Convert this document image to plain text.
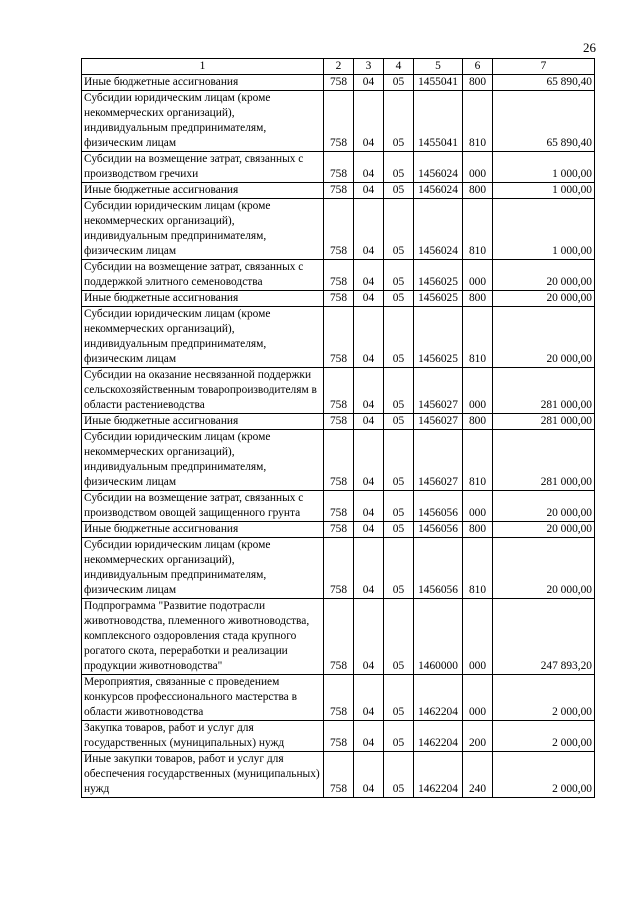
26
1	2	3	4	5	6	7
Иные бюджетные ассигнования	758	04	05	1455041	800	65 890,40
Субсидии юридическим лицам (кроме некоммерческих организаций), индивидуальным предпринимателям, физическим лицам	758	04	05	1455041	810	65 890,40
Субсидии на возмещение затрат, связанных с производством гречихи	758	04	05	1456024	000	1 000,00
Иные бюджетные ассигнования	758	04	05	1456024	800	1 000,00
Субсидии юридическим лицам (кроме некоммерческих организаций), индивидуальным предпринимателям, физическим лицам	758	04	05	1456024	810	1 000,00
Субсидии на возмещение затрат, связанных с поддержкой элитного семеноводства	758	04	05	1456025	000	20 000,00
Иные бюджетные ассигнования	758	04	05	1456025	800	20 000,00
Субсидии юридическим лицам (кроме некоммерческих организаций), индивидуальным предпринимателям, физическим лицам	758	04	05	1456025	810	20 000,00
Субсидии на оказание несвязанной поддержки сельскохозяйственным товаропроизводителям в области растениеводства	758	04	05	1456027	000	281 000,00
Иные бюджетные ассигнования	758	04	05	1456027	800	281 000,00
Субсидии юридическим лицам (кроме некоммерческих организаций), индивидуальным предпринимателям, физическим лицам	758	04	05	1456027	810	281 000,00
Субсидии на возмещение затрат, связанных с производством овощей защищенного грунта	758	04	05	1456056	000	20 000,00
Иные бюджетные ассигнования	758	04	05	1456056	800	20 000,00
Субсидии юридическим лицам (кроме некоммерческих организаций), индивидуальным предпринимателям, физическим лицам	758	04	05	1456056	810	20 000,00
Подпрограмма "Развитие подотрасли животноводства, племенного животноводства, комплексного оздоровления стада крупного рогатого скота, переработки и реализации продукции животноводства"	758	04	05	1460000	000	247 893,20
Мероприятия, связанные с проведением конкурсов профессионального мастерства в области животноводства	758	04	05	1462204	000	2 000,00
Закупка товаров, работ и услуг для государственных (муниципальных) нужд	758	04	05	1462204	200	2 000,00
Иные закупки товаров, работ и услуг для обеспечения государственных (муниципальных) нужд	758	04	05	1462204	240	2 000,00
